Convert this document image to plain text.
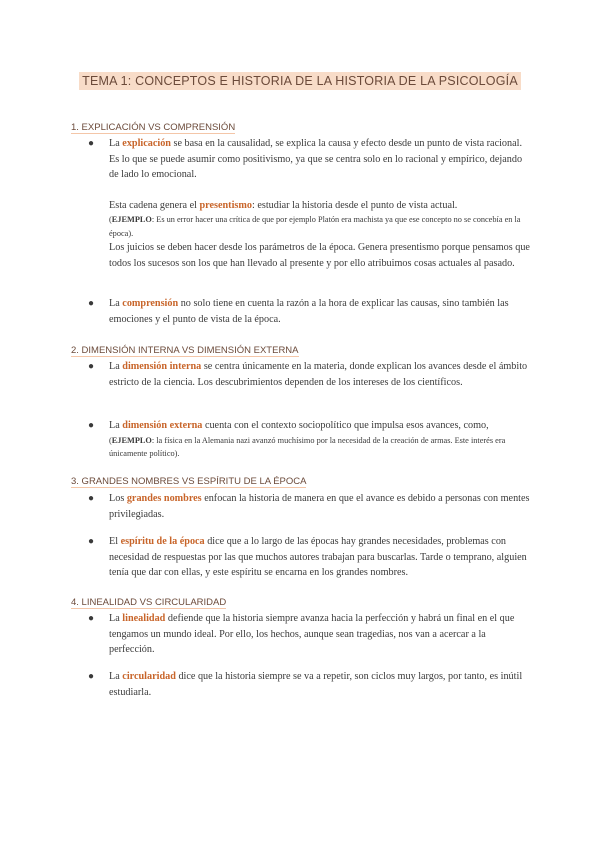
TEMA 1: CONCEPTOS E HISTORIA DE LA HISTORIA DE LA PSICOLOGÍA
1. EXPLICACIÓN VS COMPRENSIÓN
● La explicación se basa en la causalidad, se explica la causa y efecto desde un punto de vista racional. Es lo que se puede asumir como positivismo, ya que se centra solo en lo racional y empírico, dejando de lado lo emocional.

Esta cadena genera el presentismo: estudiar la historia desde el punto de vista actual.

(EJEMPLO: Es un error hacer una crítica de que por ejemplo Platón era machista ya que ese concepto no se concebía en la época).

Los juicios se deben hacer desde los parámetros de la época. Genera presentismo porque pensamos que todos los sucesos son los que han llevado al presente y por ello atribuimos cosas actuales al pasado.

● La comprensión no solo tiene en cuenta la razón a la hora de explicar las causas, sino también las emociones y el punto de vista de la época.

2. DIMENSIÓN INTERNA VS DIMENSIÓN EXTERNA
● La dimensión interna se centra únicamente en la materia, donde explican los avances desde el ámbito estricto de la ciencia. Los descubrimientos dependen de los intereses de los científicos.

● La dimensión externa cuenta con el contexto sociopolítico que impulsa esos avances, como,

(EJEMPLO: la física en la Alemania nazi avanzó muchísimo por la necesidad de la creación de armas. Este interés era únicamente político).
3. GRANDES NOMBRES VS ESPÍRITU DE LA ÉPOCA
● Los grandes nombres enfocan la historia de manera en que el avance es debido a personas con mentes privilegiadas.

● El espíritu de la época dice que a lo largo de las épocas hay grandes necesidades, problemas con necesidad de respuestas por las que muchos autores trabajan para buscarlas. Tarde o temprano, alguien tenía que dar con ellas, y este espíritu se encarna en los grandes nombres.

4. LINEALIDAD VS CIRCULARIDAD
● La linealidad defiende que la historia siempre avanza hacia la perfección y habrá un final en el que tengamos un mundo ideal. Por ello, los hechos, aunque sean tragedias, nos van a acercar a la perfección.

● La circularidad dice que la historia siempre se va a repetir, son ciclos muy largos, por tanto, es inútil estudiarla.
